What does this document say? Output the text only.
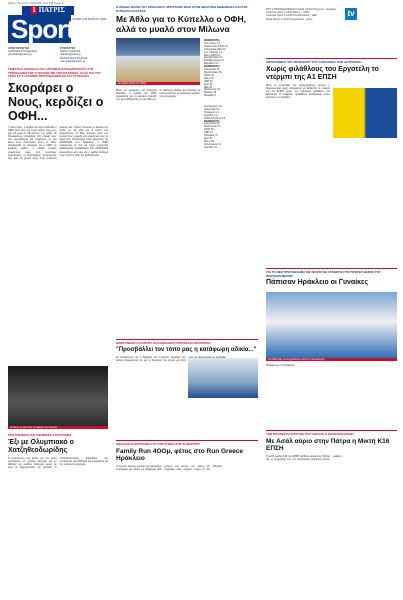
Patris_Sport.fm 7/3/2025 4:21 PM Page 8
1 ΠΑΤΡΙΣ
Sport
ΤΕΤΑΡΤΗ 26 ΜΑΡΤΙΟΥ 2025
ΑΡΧΙΣΥΝΤΑΚΤΗΣ
ΑΝΤΩΝΗΣ ΠΑΠΑΔΑΚΗΣ
papadakis@patris.gr
ΣΥΝΤΑΚΤΕΣ
ΝΙΚΟΣ ΛΑΡΑΚΗΣ
nlarakis@patris.gr
ΜΑΝΟΣ ΜΑΓΓΕΛΑΚΗΣ
mangelakis@patris.gr
ΓΕΜΑΤΟ Η ΕΠΙΔΕΙΞΗ ΤΟΥ ΑΡΤΕΜΗΣ ΠΑΠΑΔΟΠΟΥΛΟΥ ΣΤΙΣ ΤΡΙΒΟΛΑΔΕΣ ΤΗΣ ΚΥΡΙΑΚΗΣ ΜΕ ΤΟΝ ΠΛΑΤΑΝΙΑ, ΑΛΛΑ ΚΑΙ ΤΟΥ ΓΚΟΛ ΣΕ 21 ΑΓΩΝΕΣ ΠΡΩΤΑΘΛΗΜΑΤΟΣ ΚΑΙ ΚΥΠΕΛΛΟΥ
Σκοράρει ο Νους, κερδίζει ο ΟΦΗ...
Τ ρίτος Νους, η ομάδα του είναι ανέλπιδα ο ΟΦΗ μετά από την εκτός έδρας νίκη, ενώ έχει 21 γκολ σε 28 αγώνες της σεζόν. Οι Ηρακλειώτες συνεχίζουν την πορεία τους στο πρωτάθλημα και στοχεύουν σε μια θέση στην ευρωπαϊκή ζώνη. Ο Νους εξακολουθεί να σκοράρει και ο ΟΦΗ να κερδίζει, καθώς η ομάδα μετράει σημαντικές νίκες στις τελευταίες αγωνιστικές. Ο Πορτογάλος προπονητής έχει βρει τη χρυσή τομή στην επιθετική γραμμή και ο Νους αποτελεί το βασικό του όπλο, με 14 γκολ και 6 ασίστ στη διοργάνωση. Ο ίδιος δήλωσε μετά τον αγώνα πως η ομάδα έχει χημεία και πως το κλίμα στα αποδυτήρια είναι εξαιρετικό. Σε 20/03/2025 στο Ηράκλειο, ο ΟΦΗ επικράτησε με 2-0 και πήρε σημαντικό βαθμολογικό προβάδισμα. Στις 23/03/2025 ακολούθησε νέα νίκη και η ομάδα ανέβηκε στην πέμπτη θέση της βαθμολογίας.
Ο Νους σε μία από τις φάσεις του αγώνα
ΣΤΙΣ ΠΑΙΔΙΚΕΣ ΚΑΙ ΕΦΗΒΙΚΕΣ ΚΑΤΗΓΟΡΙΕΣ
Έξι με Ολυμπιακό ο Χατζηθεοδωρίδης
Η προπόνηση του Κρήτη για την πάλη συνεχίζεται με μεγάλη επιτυχία και οι αθλητές της ομάδας παίρνουν μέρος σε όλες τις διοργανώσεις της χρονιάς. Ο Χατζηθεοδωρίδης διακρίθηκε στο πανελλήνιο πρωτάθλημα και ετοιμάζεται για την επόμενη πρόκληση.
Η ΟΜΑΔΑ ΒΟΛΕΪ ΤΟΥ ΗΡΑΚΛΕΙΟΥ ΧΡΗΣΤΑΙΟΣ ΜΑΖΙ ΣΤΗΝ ΑΘΛΗΤΙΚΗ ΕΒΔΟΜΑΔΑ ΚΑΙ ΣΤΟ ΚΥΠΕΛΛΟ ΕΛΛΑΔΑΣ
Με Άθλο για το Κύπελλο ο ΟΦΗ, αλλά το μυαλό στον Μίλωνα
Η ομάδα βόλεϊ του ΟΦΗ
Μετά την πρόκριση στο Κύπελλο Ελλάδας, η ομάδα του ΟΦΗ ετοιμάζεται για το κρίσιμο παιχνίδι του πρωταθλήματος με τον Μίλωνα. Οι παίκτριες έδειξαν ότι μπορούν να ανταγωνιστούν τις καλύτερες ομάδες της κατηγορίας.
ΒΑΘΜΟΛΟΓΙΑ
Τόκιο Λαγού 3-1
Πανελλήνιος-ΠΑΟΚ 3-0
Ολυμπιακός-ΑΕΚ 3-2
Α.Ο. Ηρακλής 1-3
Μίλων-ΟΦΗ 3-1
Παναθηναϊκός 3-0
Φλοίσβος-Άρης 2-3
Αθηναϊκός 0-3
ΒΑΘΜΟΛΟΓΙΑ
Ολυμπιακός 57
Παναθηναϊκός 52
ΠΑΟΚ 44
Μίλων 40
ΟΦΗ 33
Άρης 28
ΑΕΚ 25
Πανελλήνιος 20
Ηρακλής 15
Φλοίσβος 9
Κυπελλούχος 3-0
Ολυμπιάδα 3-1
Ηλυσιακός 1-3
Κόρινθος 3-2
ΠΑΟΚ-Ν.Σμύρνη 3-0
ΒΑΘΜΟΛΟΓΙΑ
Ολυμπιακός 62
Πανελλήνιος 57
ΠΑΟΚ 50
ΟΦΗ 44
Ηλυσιακός 37
Άρης 30
Μίλων 28
Κυπελλούχος 21
Κόρινθος 13
ΔΙΟΡΓΑΝΩΣΗ ΣΥΛΛΟΓΟΥ ΠΑΛΑΙΜΑΧΩΝ ΠΑΤΡΩΝ ΚΑΙ ΟΡΟΣΕΙΡΑΣ
"Προσβάλλει τον τόπο μας η κατάφωρη αδικία..."
Σε ανακοίνωσή της η διοίκηση του συλλόγου εκφράζει την έντονη διαμαρτυρία της για τη διαιτησία του αγώνα και ζητά
ΑΝΟΙΞΑΝ ΟΙ ΕΓΓΡΑΦΕΣ ΓΙΑ ΤΟΝ ΑΓΩΝΑ ΣΤΙΣ 30 ΜΑΡΤΙΟΥ
Family Run 4ΟΟμ, φέτος στο Run Greece Ηράκλειο
Ο αγώνας δρόμου για όλη την οικογένεια επιστρέφει και φέτος με διαδρομή 400 μέτρων στο κέντρο της πόλης. Οι εγγραφές είναι ανοιχτές μέχρι τις 28 Μαρτίου.
tv
ΕΡΤ 1 ΠΡΩΤΑΘΛΗΜΑ ΕΛΛΑΔΑΣ 19:00 Ν.Σμύρνη - Ηρακλής
Cosmote Sport 1 18:00 Μίλων - ΟΦΗ
Cosmote Sport 3 21:00 Παναθηναϊκός - ΑΕΚ
Nova Sports 2 20:30 Ολυμπιακός - Άρης
ΑΝΑΚΟΙΝΩΣΗ ΤΟΥ ΠΡΟΕΔΡΟΥ ΤΟΥ ΑΠΟΛΛΩΝΑ ΤΩΝ «ΚΙΤΡΙΝΩΝ»
Χωρίς φιλάθλους του Εργοτέλη το ντέρμπι της Α1 ΕΠΣΗ
Μετά τα επεισόδια του προηγούμενου αγώνα, η διοργανώτρια αρχή αποφάσισε να διεξαχθεί το ντέρμπι της Α1 ΕΠΣΗ χωρίς την παρουσία φιλάθλων του Εργοτέλη. Η απόφαση προκάλεσε αντιδράσεις στους κόλπους των οπαδών.
ΓΙΑ ΤΟ ΝΕΟ ΠΡΩΤΑΘΛΗΜΑ ΜΕ ΣΚΟΠΟ ΝΑ ΣΤΑΘΟΥΝ ΣΤΙΣ ΠΡΩΤΕΣ ΘΕΣΕΙΣ ΤΟΥ ΠΡΩΤΑΘΛΗΜΑΤΟΣ
Πάπισαν Ηράκλειο οι Γυναίκες
Οι αθλήτριες σε στιγμιότυπο από την προπόνηση
Ηράκλειο με τη Ηράκλειος
ΤΗΝ ΠΡΟΣΘΕΤΗ ΕΠΙΤΥΧΙΑ ΠΟΥ ΕΒΓΑΛΕ Η ΗΡΑΚΛΕΙΟ ΒΟΛΕΪ
Με Ασάλ αύριο στην Πάτρα η Μικτή Κ16 ΕΠΣΗ
Η μικτή ομάδα Κ16 της ΕΠΣΗ ταξιδεύει αύριο στην Πάτρα για τη συμμετοχή της στο πανελλήνιο τουρνουά μικτών ομάδων.
